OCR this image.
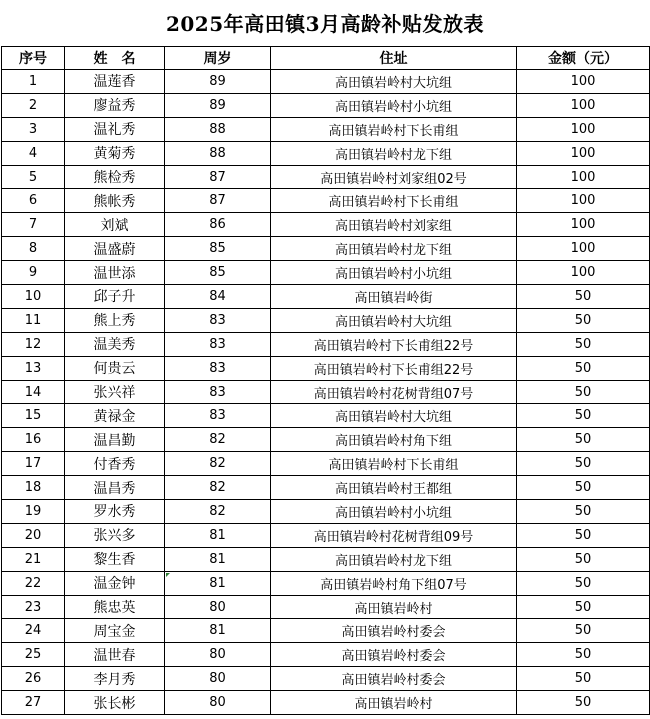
2025年高田镇3月高龄补贴发放表
序号	姓　名	周岁	住址	金额（元）
1	温莲香	89	高田镇岩岭村大坑组	100
2	廖益秀	89	高田镇岩岭村小坑组	100
3	温礼秀	88	高田镇岩岭村下长甫组	100
4	黄菊秀	88	高田镇岩岭村龙下组	100
5	熊检秀	87	高田镇岩岭村刘家组02号	100
6	熊帐秀	87	高田镇岩岭村下长甫组	100
7	刘斌	86	高田镇岩岭村刘家组	100
8	温盛蔚	85	高田镇岩岭村龙下组	100
9	温世添	85	高田镇岩岭村小坑组	100
10	邱子升	84	高田镇岩岭街	50
11	熊上秀	83	高田镇岩岭村大坑组	50
12	温美秀	83	高田镇岩岭村下长甫组22号	50
13	何贵云	83	高田镇岩岭村下长甫组22号	50
14	张兴祥	83	高田镇岩岭村花树背组07号	50
15	黄禄金	83	高田镇岩岭村大坑组	50
16	温昌勤	82	高田镇岩岭村角下组	50
17	付香秀	82	高田镇岩岭村下长甫组	50
18	温昌秀	82	高田镇岩岭村王都组	50
19	罗水秀	82	高田镇岩岭村小坑组	50
20	张兴多	81	高田镇岩岭村花树背组09号	50
21	黎生香	81	高田镇岩岭村龙下组	50
22	温金钟	81	高田镇岩岭村角下组07号	50
23	熊忠英	80	高田镇岩岭村	50
24	周宝金	81	高田镇岩岭村委会	50
25	温世春	80	高田镇岩岭村委会	50
26	李月秀	80	高田镇岩岭村委会	50
27	张长彬	80	高田镇岩岭村	50
